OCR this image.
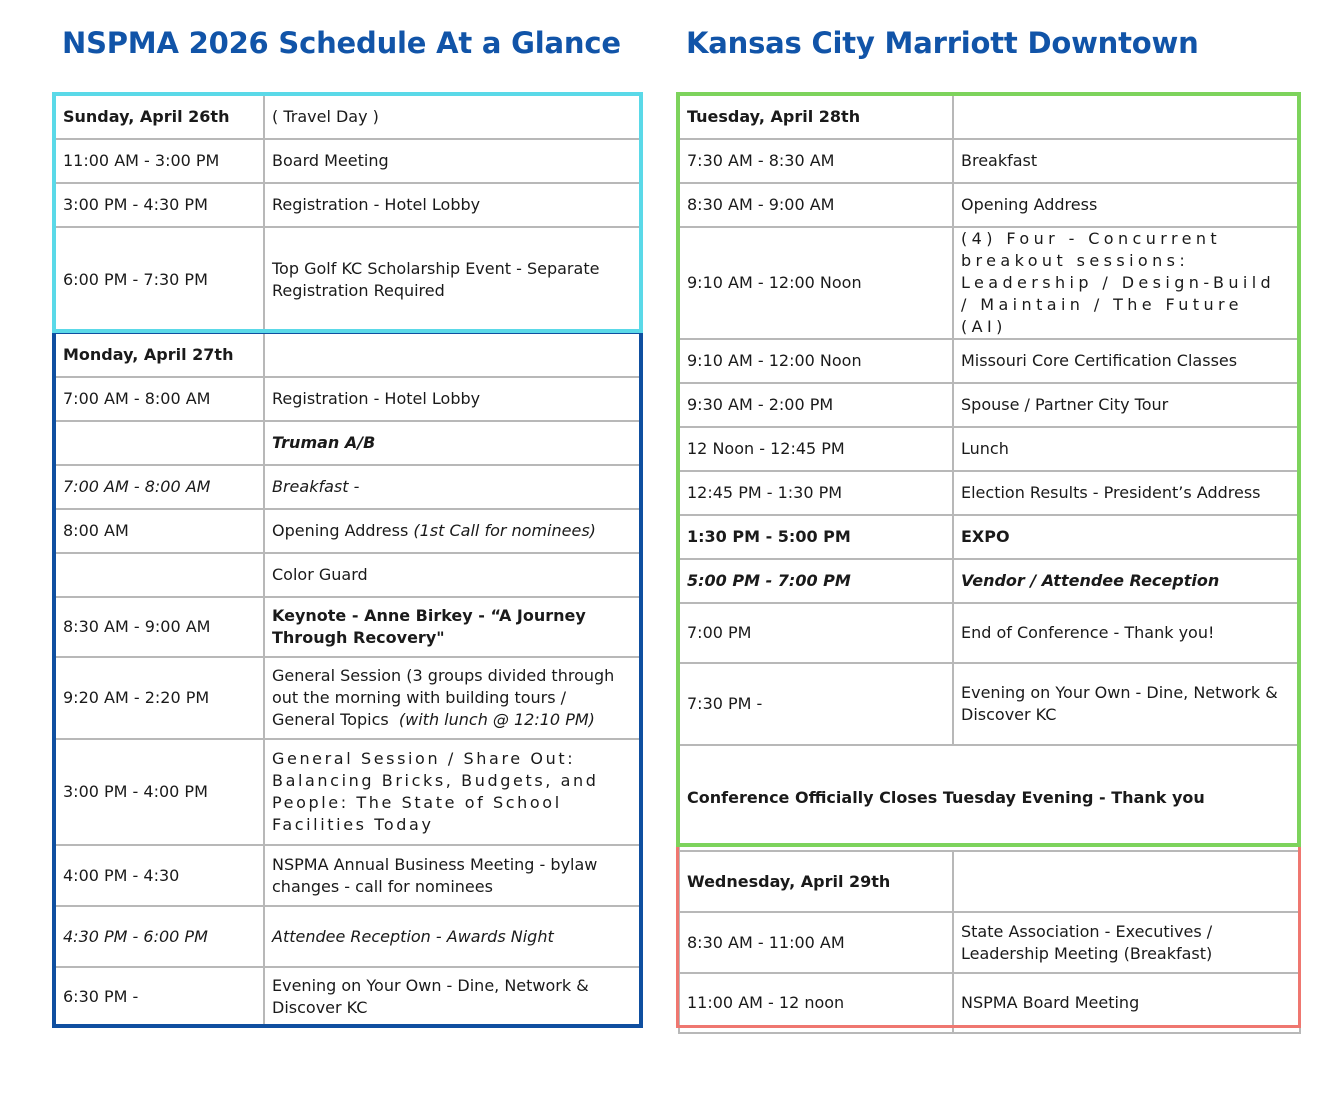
NSPMA 2026 Schedule At a Glance Kansas City Marriott Downtown
Sunday, April 26th	( Travel Day )
11:00 AM - 3:00 PM	Board Meeting
3:00 PM - 4:30 PM	Registration - Hotel Lobby
6:00 PM - 7:30 PM	Top Golf KC Scholarship Event - Separate Registration Required
Monday, April 27th	
7:00 AM - 8:00 AM	Registration - Hotel Lobby
	Truman A/B
7:00 AM - 8:00 AM	Breakfast -
8:00 AM	Opening Address (1st Call for nominees)
	Color Guard
8:30 AM - 9:00 AM	Keynote - Anne Birkey - “A Journey Through Recovery"
9:20 AM - 2:20 PM	General Session (3 groups divided through out the morning with building tours / General Topics (with lunch @ 12:10 PM)
3:00 PM - 4:00 PM	General Session / Share Out: Balancing Bricks, Budgets, and People: The State of School Facilities Today
4:00 PM - 4:30	NSPMA Annual Business Meeting - bylaw changes - call for nominees
4:30 PM - 6:00 PM	Attendee Reception - Awards Night
6:30 PM -	Evening on Your Own - Dine, Network & Discover KC
Tuesday, April 28th	
7:30 AM - 8:30 AM	Breakfast
8:30 AM - 9:00 AM	Opening Address
9:10 AM - 12:00 Noon	(4) Four - Concurrent breakout sessions: Leadership / Design-Build / Maintain / The Future (AI)
9:10 AM - 12:00 Noon	Missouri Core Certification Classes
9:30 AM - 2:00 PM	Spouse / Partner City Tour
12 Noon - 12:45 PM	Lunch
12:45 PM - 1:30 PM	Election Results - President’s Address
1:30 PM - 5:00 PM	EXPO
5:00 PM - 7:00 PM	Vendor / Attendee Reception
7:00 PM	End of Conference - Thank you!
7:30 PM -	Evening on Your Own - Dine, Network & Discover KC
Conference Officially Closes Tuesday Evening - Thank you	
Wednesday, April 29th	
8:30 AM - 11:00 AM	State Association - Executives / Leadership Meeting (Breakfast)
11:00 AM - 12 noon	NSPMA Board Meeting
